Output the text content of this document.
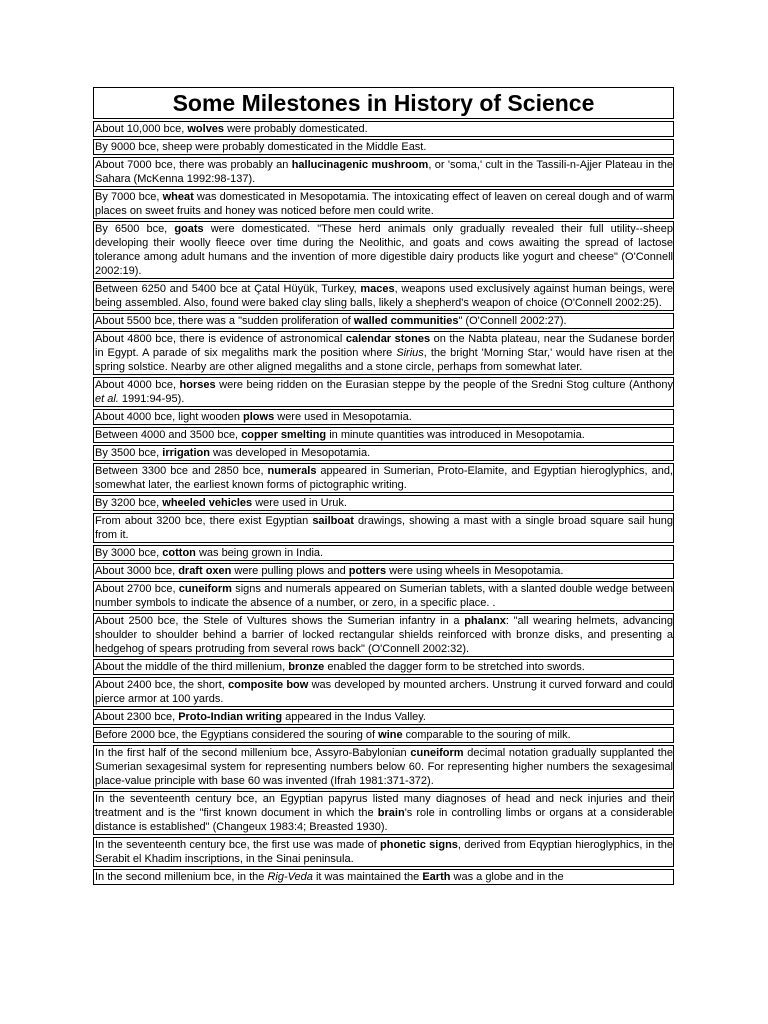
Some Milestones in History of Science
About 10,000 bce, wolves were probably domesticated.
By 9000 bce, sheep were probably domesticated in the Middle East.
About 7000 bce, there was probably an hallucinagenic mushroom, or 'soma,' cult in the Tassili-n-Ajjer Plateau in the Sahara (McKenna 1992:98-137).
By 7000 bce, wheat was domesticated in Mesopotamia. The intoxicating effect of leaven on cereal dough and of warm places on sweet fruits and honey was noticed before men could write.
By 6500 bce, goats were domesticated. "These herd animals only gradually revealed their full utility--sheep developing their woolly fleece over time during the Neolithic, and goats and cows awaiting the spread of lactose tolerance among adult humans and the invention of more digestible dairy products like yogurt and cheese" (O'Connell 2002:19).
Between 6250 and 5400 bce at Çatal Hüyük, Turkey, maces, weapons used exclusively against human beings, were being assembled. Also, found were baked clay sling balls, likely a shepherd's weapon of choice (O'Connell 2002:25).
About 5500 bce, there was a "sudden proliferation of walled communities" (O'Connell 2002:27).
About 4800 bce, there is evidence of astronomical calendar stones on the Nabta plateau, near the Sudanese border in Egypt. A parade of six megaliths mark the position where Sirius, the bright 'Morning Star,' would have risen at the spring solstice. Nearby are other aligned megaliths and a stone circle, perhaps from somewhat later.
About 4000 bce, horses were being ridden on the Eurasian steppe by the people of the Sredni Stog culture (Anthony et al. 1991:94-95).
About 4000 bce, light wooden plows were used in Mesopotamia.
Between 4000 and 3500 bce, copper smelting in minute quantities was introduced in Mesopotamia.
By 3500 bce, irrigation was developed in Mesopotamia.
Between 3300 bce and 2850 bce, numerals appeared in Sumerian, Proto-Elamite, and Egyptian hieroglyphics, and, somewhat later, the earliest known forms of pictographic writing.
By 3200 bce, wheeled vehicles were used in Uruk.
From about 3200 bce, there exist Egyptian sailboat drawings, showing a mast with a single broad square sail hung from it.
By 3000 bce, cotton was being grown in India.
About 3000 bce, draft oxen were pulling plows and potters were using wheels in Mesopotamia.
About 2700 bce, cuneiform signs and numerals appeared on Sumerian tablets, with a slanted double wedge between number symbols to indicate the absence of a number, or zero, in a specific place. .
About 2500 bce, the Stele of Vultures shows the Sumerian infantry in a phalanx: "all wearing helmets, advancing shoulder to shoulder behind a barrier of locked rectangular shields reinforced with bronze disks, and presenting a hedgehog of spears protruding from several rows back" (O'Connell 2002:32).
About the middle of the third millenium, bronze enabled the dagger form to be stretched into swords.
About 2400 bce, the short, composite bow was developed by mounted archers. Unstrung it curved forward and could pierce armor at 100 yards.
About 2300 bce, Proto-Indian writing appeared in the Indus Valley.
Before 2000 bce, the Egyptians considered the souring of wine comparable to the souring of milk.
In the first half of the second millenium bce, Assyro-Babylonian cuneiform decimal notation gradually supplanted the Sumerian sexagesimal system for representing numbers below 60. For representing higher numbers the sexagesimal place-value principle with base 60 was invented (Ifrah 1981:371-372).
In the seventeenth century bce, an Egyptian papyrus listed many diagnoses of head and neck injuries and their treatment and is the "first known document in which the brain's role in controlling limbs or organs at a considerable distance is established" (Changeux 1983:4; Breasted 1930).
In the seventeenth century bce, the first use was made of phonetic signs, derived from Eqyptian hieroglyphics, in the Serabit el Khadim inscriptions, in the Sinai peninsula.
In the second millenium bce, in the Rig-Veda it was maintained the Earth was a globe and in the
